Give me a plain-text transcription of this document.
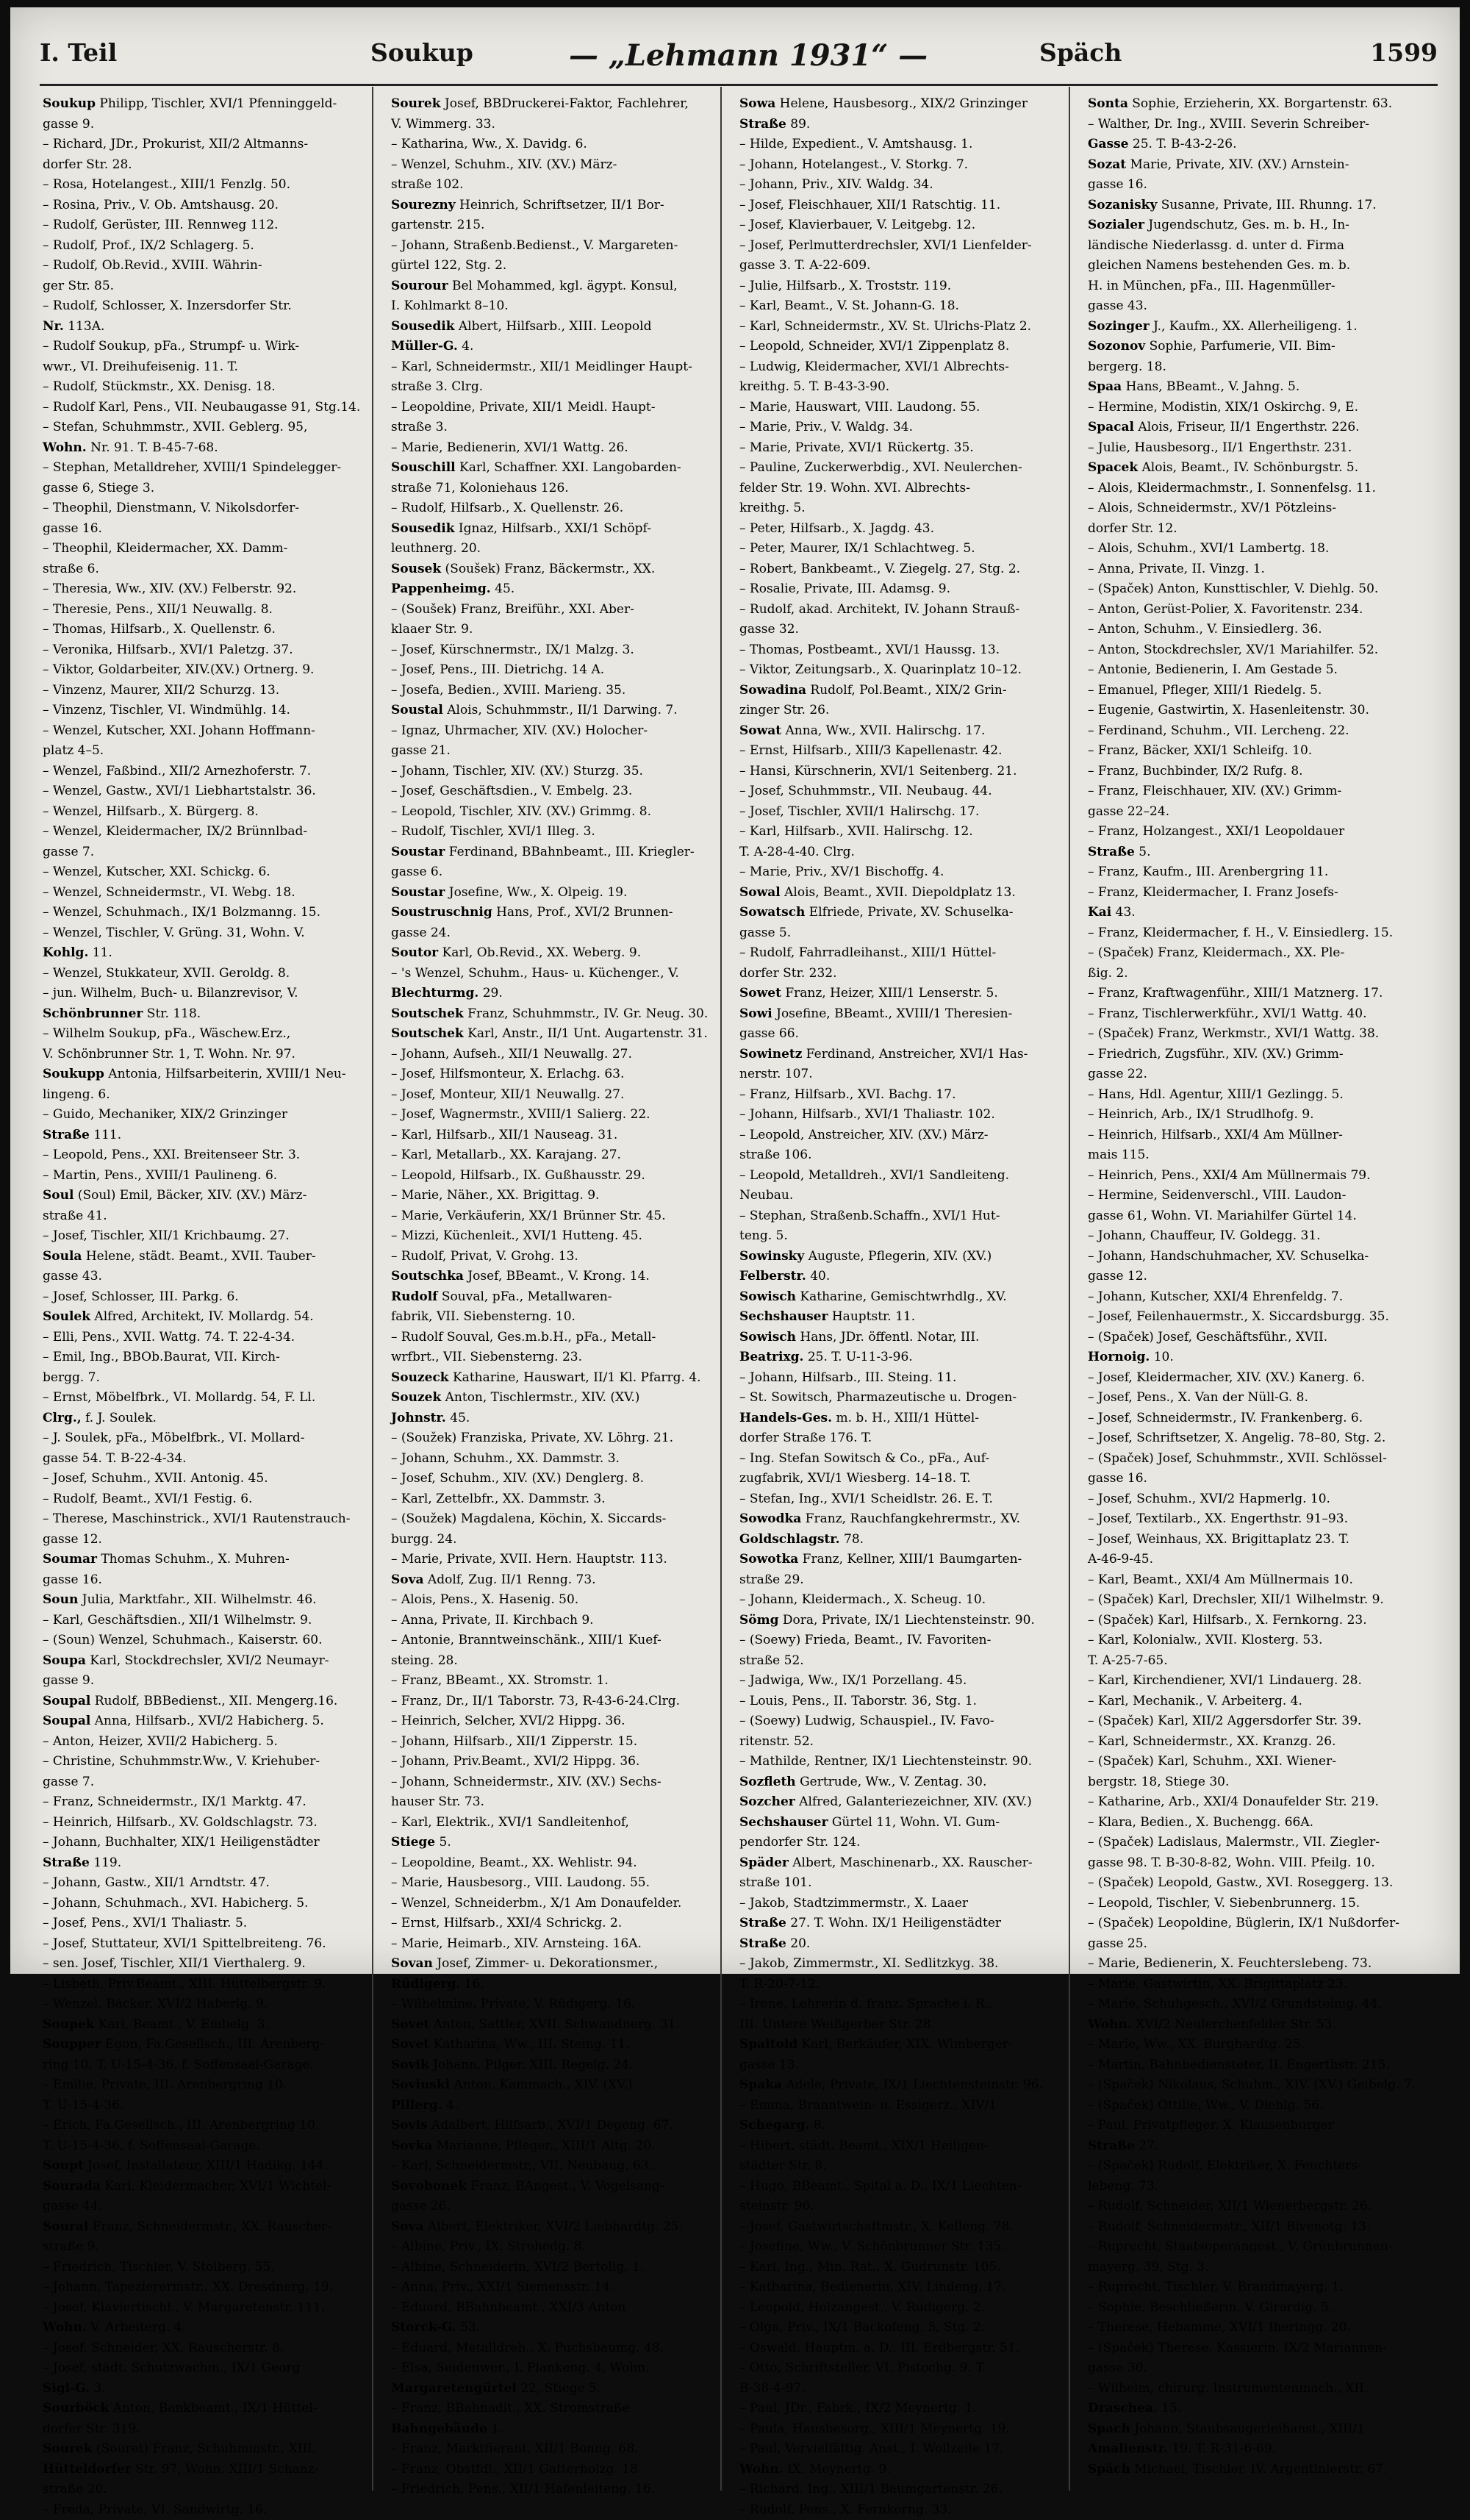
I. Teil	Soukup	— „Lehmann 1931“ —	Späch	1599
Soukup Philipp, Tischler, XVI/1 Pfenninggeld-
gasse 9.
– Richard, JDr., Prokurist, XII/2 Altmanns-
dorfer Str. 28.
– Rosa, Hotelangest., XIII/1 Fenzlg. 50.
– Rosina, Priv., V. Ob. Amtshausg. 20.
– Rudolf, Gerüster, III. Rennweg 112.
– Rudolf, Prof., IX/2 Schlagerg. 5.
– Rudolf, Ob.Revid., XVIII. Währin-
ger Str. 85.
– Rudolf, Schlosser, X. Inzersdorfer Str.
Nr. 113A.
– Rudolf Soukup, pFa., Strumpf- u. Wirk-
wwr., VI. Dreihufeisenig. 11. T.
– Rudolf, Stückmstr., XX. Denisg. 18.
– Rudolf Karl, Pens., VII. Neubaugasse 91, Stg.14.
– Stefan, Schuhmmstr., XVII. Geblerg. 95,
Wohn. Nr. 91. T. B-45-7-68.
– Stephan, Metalldreher, XVIII/1 Spindelegger-
gasse 6, Stiege 3.
– Theophil, Dienstmann, V. Nikolsdorfer-
gasse 16.
– Theophil, Kleidermacher, XX. Damm-
straße 6.
– Theresia, Ww., XIV. (XV.) Felberstr. 92.
– Theresie, Pens., XII/1 Neuwallg. 8.
– Thomas, Hilfsarb., X. Quellenstr. 6.
– Veronika, Hilfsarb., XVI/1 Paletzg. 37.
– Viktor, Goldarbeiter, XIV.(XV.) Ortnerg. 9.
– Vinzenz, Maurer, XII/2 Schurzg. 13.
– Vinzenz, Tischler, VI. Windmühlg. 14.
– Wenzel, Kutscher, XXI. Johann Hoffmann-
platz 4–5.
– Wenzel, Faßbind., XII/2 Arnezhoferstr. 7.
– Wenzel, Gastw., XVI/1 Liebhartstalstr. 36.
– Wenzel, Hilfsarb., X. Bürgerg. 8.
– Wenzel, Kleidermacher, IX/2 Brünnlbad-
gasse 7.
– Wenzel, Kutscher, XXI. Schickg. 6.
– Wenzel, Schneidermstr., VI. Webg. 18.
– Wenzel, Schuhmach., IX/1 Bolzmanng. 15.
– Wenzel, Tischler, V. Grüng. 31, Wohn. V.
Kohlg. 11.
– Wenzel, Stukkateur, XVII. Geroldg. 8.
– jun. Wilhelm, Buch- u. Bilanzrevisor, V.
Schönbrunner Str. 118.
– Wilhelm Soukup, pFa., Wäschew.Erz.,
V. Schönbrunner Str. 1, T. Wohn. Nr. 97.
Soukupp Antonia, Hilfsarbeiterin, XVIII/1 Neu-
lingeng. 6.
– Guido, Mechaniker, XIX/2 Grinzinger
Straße 111.
– Leopold, Pens., XXI. Breitenseer Str. 3.
– Martin, Pens., XVIII/1 Paulineng. 6.
Soul (Soul) Emil, Bäcker, XIV. (XV.) März-
straße 41.
– Josef, Tischler, XII/1 Krichbaumg. 27.
Soula Helene, städt. Beamt., XVII. Tauber-
gasse 43.
– Josef, Schlosser, III. Parkg. 6.
Soulek Alfred, Architekt, IV. Mollardg. 54.
– Elli, Pens., XVII. Wattg. 74. T. 22-4-34.
– Emil, Ing., BBOb.Baurat, VII. Kirch-
bergg. 7.
– Ernst, Möbelfbrk., VI. Mollardg. 54, F. Ll.
Clrg., f. J. Soulek.
– J. Soulek, pFa., Möbelfbrk., VI. Mollard-
gasse 54. T. B-22-4-34.
– Josef, Schuhm., XVII. Antonig. 45.
– Rudolf, Beamt., XVI/1 Festig. 6.
– Therese, Maschinstrick., XVI/1 Rautenstrauch-
gasse 12.
Soumar Thomas Schuhm., X. Muhren-
gasse 16.
Soun Julia, Marktfahr., XII. Wilhelmstr. 46.
– Karl, Geschäftsdien., XII/1 Wilhelmstr. 9.
– (Soun) Wenzel, Schuhmach., Kaiserstr. 60.
Soupa Karl, Stockdrechsler, XVI/2 Neumayr-
gasse 9.
Soupal Rudolf, BBBedienst., XII. Mengerg.16.
Soupal Anna, Hilfsarb., XVI/2 Habicherg. 5.
– Anton, Heizer, XVII/2 Habicherg. 5.
– Christine, Schuhmmstr.Ww., V. Kriehuber-
gasse 7.
– Franz, Schneidermstr., IX/1 Marktg. 47.
– Heinrich, Hilfsarb., XV. Goldschlagstr. 73.
– Johann, Buchhalter, XIX/1 Heiligenstädter
Straße 119.
– Johann, Gastw., XII/1 Arndtstr. 47.
– Johann, Schuhmach., XVI. Habicherg. 5.
– Josef, Pens., XVI/1 Thaliastr. 5.
– Josef, Stuttateur, XVI/1 Spittelbreiteng. 76.
– sen. Josef, Tischler, XII/1 Vierthalerg. 9.
– Lisbeth, Priv.Beamt., XIII. Hüttelbergstr. 9.
– Wenzel, Bäcker, XVI/2 Haberlg. 9.
Soupek Karl, Beamt., V. Embelg. 3.
Soupper Egon, Fa.Gesellsch., III. Arenberg-
ring 10, T. U-15-4-36, f. Soffensaal-Garage.
– Emilie, Private, III. Arenbergring 10.
T. U-15-4-36.
– Erich, Fa.Gesellsch., III. Arenbergring 10.
T. U-15-4-36, f. Soffensaal-Garage.
Soupt Josef, Installateur, XIII/1 Hadikg. 144.
Sourada Karl, Kleidermacher, XVI/1 Wichtel-
gasse 44.
Soural Franz, Schneidermstr., XX. Rauscher-
straße 9.
– Friedrich, Tischler, V. Stolberg. 55.
– Johann, Tapezierermstr., XX. Dresdnerg. 19.
– Josef, Klaviertischl., V. Margaretenstr. 111,
Wohn. V. Arbeiterg. 4.
– Josef, Schneider, XX. Rauscherstr. 8.
– Josef, städt. Schutzwachm., IX/1 Georg
Sigl-G. 3.
Sourböck Anton, Bankbeamt., IX/1 Hüttel-
dorfer Str. 319.
Sourek (Souret) Franz, Schuhmmstr., XIII.
Hütteldorfer Str. 97, Wohn. XIII/1 Schanz-
straße 20.
– Freda, Private, VI. Sandwirtg. 16.
Sourek Josef, BBDruckerei-Faktor, Fachlehrer,
V. Wimmerg. 33.
– Katharina, Ww., X. Davidg. 6.
– Wenzel, Schuhm., XIV. (XV.) März-
straße 102.
Sourezny Heinrich, Schriftsetzer, II/1 Bor-
gartenstr. 215.
– Johann, Straßenb.Bedienst., V. Margareten-
gürtel 122, Stg. 2.
Sourour Bel Mohammed, kgl. ägypt. Konsul,
I. Kohlmarkt 8–10.
Sousedik Albert, Hilfsarb., XIII. Leopold
Müller-G. 4.
– Karl, Schneidermstr., XII/1 Meidlinger Haupt-
straße 3. Clrg.
– Leopoldine, Private, XII/1 Meidl. Haupt-
straße 3.
– Marie, Bedienerin, XVI/1 Wattg. 26.
Souschill Karl, Schaffner. XXI. Langobarden-
straße 71, Koloniehaus 126.
– Rudolf, Hilfsarb., X. Quellenstr. 26.
Sousedik Ignaz, Hilfsarb., XXI/1 Schöpf-
leuthnerg. 20.
Sousek (Soušek) Franz, Bäckermstr., XX.
Pappenheimg. 45.
– (Soušek) Franz, Breiführ., XXI. Aber-
klaaer Str. 9.
– Josef, Kürschnermstr., IX/1 Malzg. 3.
– Josef, Pens., III. Dietrichg. 14 A.
– Josefa, Bedien., XVIII. Marieng. 35.
Soustal Alois, Schuhmmstr., II/1 Darwing. 7.
– Ignaz, Uhrmacher, XIV. (XV.) Holocher-
gasse 21.
– Johann, Tischler, XIV. (XV.) Sturzg. 35.
– Josef, Geschäftsdien., V. Embelg. 23.
– Leopold, Tischler, XIV. (XV.) Grimmg. 8.
– Rudolf, Tischler, XVI/1 Illeg. 3.
Soustar Ferdinand, BBahnbeamt., III. Kriegler-
gasse 6.
Soustar Josefine, Ww., X. Olpeig. 19.
Soustruschnig Hans, Prof., XVI/2 Brunnen-
gasse 24.
Soutor Karl, Ob.Revid., XX. Weberg. 9.
– 's Wenzel, Schuhm., Haus- u. Küchenger., V.
Blechturmg. 29.
Soutschek Franz, Schuhmmstr., IV. Gr. Neug. 30.
Soutschek Karl, Anstr., II/1 Unt. Augartenstr. 31.
– Johann, Aufseh., XII/1 Neuwallg. 27.
– Josef, Hilfsmonteur, X. Erlachg. 63.
– Josef, Monteur, XII/1 Neuwallg. 27.
– Josef, Wagnermstr., XVIII/1 Salierg. 22.
– Karl, Hilfsarb., XII/1 Nauseag. 31.
– Karl, Metallarb., XX. Karajang. 27.
– Leopold, Hilfsarb., IX. Gußhausstr. 29.
– Marie, Näher., XX. Brigittag. 9.
– Marie, Verkäuferin, XX/1 Brünner Str. 45.
– Mizzi, Küchenleit., XVI/1 Hutteng. 45.
– Rudolf, Privat, V. Grohg. 13.
Soutschka Josef, BBeamt., V. Krong. 14.
Rudolf Souval, pFa., Metallwaren-
fabrik, VII. Siebensterng. 10.
– Rudolf Souval, Ges.m.b.H., pFa., Metall-
wrfbrt., VII. Siebensterng. 23.
Souzeck Katharine, Hauswart, II/1 Kl. Pfarrg. 4.
Souzek Anton, Tischlermstr., XIV. (XV.)
Johnstr. 45.
– (Soužek) Franziska, Private, XV. Löhrg. 21.
– Johann, Schuhm., XX. Dammstr. 3.
– Josef, Schuhm., XIV. (XV.) Denglerg. 8.
– Karl, Zettelbfr., XX. Dammstr. 3.
– (Soužek) Magdalena, Köchin, X. Siccards-
burgg. 24.
– Marie, Private, XVII. Hern. Hauptstr. 113.
Sova Adolf, Zug. II/1 Renng. 73.
– Alois, Pens., X. Hasenig. 50.
– Anna, Private, II. Kirchbach 9.
– Antonie, Branntweinschänk., XIII/1 Kuef-
steing. 28.
– Franz, BBeamt., XX. Stromstr. 1.
– Franz, Dr., II/1 Taborstr. 73, R-43-6-24.Clrg.
– Heinrich, Selcher, XVI/2 Hippg. 36.
– Johann, Hilfsarb., XII/1 Zipperstr. 15.
– Johann, Priv.Beamt., XVI/2 Hippg. 36.
– Johann, Schneidermstr., XIV. (XV.) Sechs-
hauser Str. 73.
– Karl, Elektrik., XVI/1 Sandleitenhof,
Stiege 5.
– Leopoldine, Beamt., XX. Wehlistr. 94.
– Marie, Hausbesorg., VIII. Laudong. 55.
– Wenzel, Schneiderbm., X/1 Am Donaufelder.
– Ernst, Hilfsarb., XXI/4 Schrickg. 2.
– Marie, Heimarb., XIV. Arnsteing. 16A.
Sovan Josef, Zimmer- u. Dekorationsmer.,
Rüdigerg. 16.
– Wilhelmine, Private, V. Rüdigerg. 16.
Sovet Anton, Sattler, XVII. Schwandnerg. 31.
Sovet Katharina, Ww., III. Steing. 11.
Sovik Johann, Pilger. XIII. Regelg. 24.
Soviuski Anton, Kammach., XIV. (XV.)
Pillerg. 4.
Sovis Adalbert, Hilfsarb., XVI/1 Degeng. 67.
Sovka Marianne, Pfleger., XIII/1 Altg. 20.
– Karl, Schneidermstr., VII. Neubaug. 63.
Sovobonek Franz, BAngest., V. Vogelsang-
gasse 26.
Sova Albert, Elektriker, XVI/2 Liebhardtg. 25.
– Albine, Priv., IX. Strohedg. 8.
– Albine, Schneiderin, XVI/2 Bertolig. 1.
– Anna, Priv., XXI/1 Siemensstr. 14.
– Eduard, BBahnbeamt., XXI/3 Anton
Storck-G. 53.
– Eduard, Metalldreh., X. Puchsbaumg. 48.
– Elsa, Seidenwer., I. Plankeng. 4, Wohn.
Margaretengürtel 22, Stiege 5.
– Franz, BBahnadit., XX. Stromstraße
Bahngebäude 1.
– Franz, Marktfierant, XII/1 Bonng. 68.
– Franz, Obstfdl., XII/1 Gatterholzg. 18.
– Friedrich, Pens., XII/1 Hafenleiteng. 16.
Sowa Helene, Hausbesorg., XIX/2 Grinzinger
Straße 89.
– Hilde, Expedient., V. Amtshausg. 1.
– Johann, Hotelangest., V. Storkg. 7.
– Johann, Priv., XIV. Waldg. 34.
– Josef, Fleischhauer, XII/1 Ratschtig. 11.
– Josef, Klavierbauer, V. Leitgebg. 12.
– Josef, Perlmutterdrechsler, XVI/1 Lienfelder-
gasse 3. T. A-22-609.
– Julie, Hilfsarb., X. Troststr. 119.
– Karl, Beamt., V. St. Johann-G. 18.
– Karl, Schneidermstr., XV. St. Ulrichs-Platz 2.
– Leopold, Schneider, XVI/1 Zippenplatz 8.
– Ludwig, Kleidermacher, XVI/1 Albrechts-
kreithg. 5. T. B-43-3-90.
– Marie, Hauswart, VIII. Laudong. 55.
– Marie, Priv., V. Waldg. 34.
– Marie, Private, XVI/1 Rückertg. 35.
– Pauline, Zuckerwerbdig., XVI. Neulerchen-
felder Str. 19. Wohn. XVI. Albrechts-
kreithg. 5.
– Peter, Hilfsarb., X. Jagdg. 43.
– Peter, Maurer, IX/1 Schlachtweg. 5.
– Robert, Bankbeamt., V. Ziegelg. 27, Stg. 2.
– Rosalie, Private, III. Adamsg. 9.
– Rudolf, akad. Architekt, IV. Johann Strauß-
gasse 32.
– Thomas, Postbeamt., XVI/1 Haussg. 13.
– Viktor, Zeitungsarb., X. Quarinplatz 10–12.
Sowadina Rudolf, Pol.Beamt., XIX/2 Grin-
zinger Str. 26.
Sowat Anna, Ww., XVII. Halirschg. 17.
– Ernst, Hilfsarb., XIII/3 Kapellenastr. 42.
– Hansi, Kürschnerin, XVI/1 Seitenberg. 21.
– Josef, Schuhmmstr., VII. Neubaug. 44.
– Josef, Tischler, XVII/1 Halirschg. 17.
– Karl, Hilfsarb., XVII. Halirschg. 12.
T. A-28-4-40. Clrg.
– Marie, Priv., XV/1 Bischoffg. 4.
Sowal Alois, Beamt., XVII. Diepoldplatz 13.
Sowatsch Elfriede, Private, XV. Schuselka-
gasse 5.
– Rudolf, Fahrradleihanst., XIII/1 Hüttel-
dorfer Str. 232.
Sowet Franz, Heizer, XIII/1 Lenserstr. 5.
Sowi Josefine, BBeamt., XVIII/1 Theresien-
gasse 66.
Sowinetz Ferdinand, Anstreicher, XVI/1 Has-
nerstr. 107.
– Franz, Hilfsarb., XVI. Bachg. 17.
– Johann, Hilfsarb., XVI/1 Thaliastr. 102.
– Leopold, Anstreicher, XIV. (XV.) März-
straße 106.
– Leopold, Metalldreh., XVI/1 Sandleiteng.
Neubau.
– Stephan, Straßenb.Schaffn., XVI/1 Hut-
teng. 5.
Sowinsky Auguste, Pflegerin, XIV. (XV.)
Felberstr. 40.
Sowisch Katharine, Gemischtwrhdlg., XV.
Sechshauser Hauptstr. 11.
Sowisch Hans, JDr. öffentl. Notar, III.
Beatrixg. 25. T. U-11-3-96.
– Johann, Hilfsarb., III. Steing. 11.
– St. Sowitsch, Pharmazeutische u. Drogen-
Handels-Ges. m. b. H., XIII/1 Hüttel-
dorfer Straße 176. T.
– Ing. Stefan Sowitsch & Co., pFa., Auf-
zugfabrik, XVI/1 Wiesberg. 14–18. T.
– Stefan, Ing., XVI/1 Scheidlstr. 26. E. T.
Sowodka Franz, Rauchfangkehrermstr., XV.
Goldschlagstr. 78.
Sowotka Franz, Kellner, XIII/1 Baumgarten-
straße 29.
– Johann, Kleidermach., X. Scheug. 10.
Sömg Dora, Private, IX/1 Liechtensteinstr. 90.
– (Soewy) Frieda, Beamt., IV. Favoriten-
straße 52.
– Jadwiga, Ww., IX/1 Porzellang. 45.
– Louis, Pens., II. Taborstr. 36, Stg. 1.
– (Soewy) Ludwig, Schauspiel., IV. Favo-
ritenstr. 52.
– Mathilde, Rentner, IX/1 Liechtensteinstr. 90.
Sozfleth Gertrude, Ww., V. Zentag. 30.
Sozcher Alfred, Galanteriezeichner, XIV. (XV.)
Sechshauser Gürtel 11, Wohn. VI. Gum-
pendorfer Str. 124.
Späder Albert, Maschinenarb., XX. Rauscher-
straße 101.
– Jakob, Stadtzimmermstr., X. Laaer
Straße 27. T. Wohn. IX/1 Heiligenstädter
Straße 20.
– Jakob, Zimmermstr., XI. Sedlitzkyg. 38.
T. R-20-7-12.
– Irene, Lehrerin d. franz. Sprache i. R.,
III. Untere Weißgerber Str. 28.
Spaitold Karl, Berkäufer, XIX. Wimberger-
gasse 13.
Spaka Adele, Private, IX/1 Liechtensteinstr. 96.
– Emma, Branntwein- u. Essigerz., XIV/1
Schegarg. 8.
– Hibert, städt. Beamt., XIX/1 Heiligen-
städter Str. 8.
– Hugo, BBeamt., Spital a. D., IX/1 Liechten-
steinstr. 96.
– Josef, Gastwirtschaftmstr., X. Kelleng. 78.
– Josefine, Ww., V. Schönbrunner Str. 135.
– Karl, Ing., Min. Rat., X. Gudrunstr. 105.
– Katharina, Bedienerin, XIV. Lindeng. 17.
– Leopold, Holzangest., V. Rüdigerg. 2.
– Olga, Priv., IX/1 Backofeng. 5, Stg. 2.
– Oswald, Hauptm. a. D., III. Erdbergstr. 51.
– Otto, Schriftsteller, VI. Pistochg. 9. T.
B-38-4-97.
– Paul, JDr., Fabrk., IX/2 Meynertg. 1.
– Paula, Hausbesorg., XIII/1 Meynertg. 19.
– Paul, Vervielfältig. Anst., I. Wollzeile 17,
Wohn. IX. Meynertg. 9.
– Richard, Ing., XIII/1 Baumgartenstr. 26.
– Rudolf, Pens., X. Fernkorng. 33.
Sonta Sophie, Erzieherin, XX. Borgartenstr. 63.
– Walther, Dr. Ing., XVIII. Severin Schreiber-
Gasse 25. T. B-43-2-26.
Sozat Marie, Private, XIV. (XV.) Arnstein-
gasse 16.
Sozanisky Susanne, Private, III. Rhunng. 17.
Sozialer Jugendschutz, Ges. m. b. H., In-
ländische Niederlassg. d. unter d. Firma
gleichen Namens bestehenden Ges. m. b.
H. in München, pFa., III. Hagenmüller-
gasse 43.
Sozinger J., Kaufm., XX. Allerheiligeng. 1.
Sozonov Sophie, Parfumerie, VII. Bim-
bergerg. 18.
Spaa Hans, BBeamt., V. Jahng. 5.
– Hermine, Modistin, XIX/1 Oskirchg. 9, E.
Spacal Alois, Friseur, II/1 Engerthstr. 226.
– Julie, Hausbesorg., II/1 Engerthstr. 231.
Spacek Alois, Beamt., IV. Schönburgstr. 5.
– Alois, Kleidermachmstr., I. Sonnenfelsg. 11.
– Alois, Schneidermstr., XV/1 Pötzleins-
dorfer Str. 12.
– Alois, Schuhm., XVI/1 Lambertg. 18.
– Anna, Private, II. Vinzg. 1.
– (Spaček) Anton, Kunsttischler, V. Diehlg. 50.
– Anton, Gerüst-Polier, X. Favoritenstr. 234.
– Anton, Schuhm., V. Einsiedlerg. 36.
– Anton, Stockdrechsler, XV/1 Mariahilfer. 52.
– Antonie, Bedienerin, I. Am Gestade 5.
– Emanuel, Pfleger, XIII/1 Riedelg. 5.
– Eugenie, Gastwirtin, X. Hasenleitenstr. 30.
– Ferdinand, Schuhm., VII. Lercheng. 22.
– Franz, Bäcker, XXI/1 Schleifg. 10.
– Franz, Buchbinder, IX/2 Rufg. 8.
– Franz, Fleischhauer, XIV. (XV.) Grimm-
gasse 22–24.
– Franz, Holzangest., XXI/1 Leopoldauer
Straße 5.
– Franz, Kaufm., III. Arenbergring 11.
– Franz, Kleidermacher, I. Franz Josefs-
Kai 43.
– Franz, Kleidermacher, f. H., V. Einsiedlerg. 15.
– (Spaček) Franz, Kleidermach., XX. Ple-
ßig. 2.
– Franz, Kraftwagenführ., XIII/1 Matznerg. 17.
– Franz, Tischlerwerkführ., XVI/1 Wattg. 40.
– (Spaček) Franz, Werkmstr., XVI/1 Wattg. 38.
– Friedrich, Zugsführ., XIV. (XV.) Grimm-
gasse 22.
– Hans, Hdl. Agentur, XIII/1 Gezlingg. 5.
– Heinrich, Arb., IX/1 Strudlhofg. 9.
– Heinrich, Hilfsarb., XXI/4 Am Müllner-
mais 115.
– Heinrich, Pens., XXI/4 Am Müllnermais 79.
– Hermine, Seidenverschl., VIII. Laudon-
gasse 61, Wohn. VI. Mariahilfer Gürtel 14.
– Johann, Chauffeur, IV. Goldegg. 31.
– Johann, Handschuhmacher, XV. Schuselka-
gasse 12.
– Johann, Kutscher, XXI/4 Ehrenfeldg. 7.
– Josef, Feilenhauermstr., X. Siccardsburgg. 35.
– (Spaček) Josef, Geschäftsführ., XVII.
Hornoig. 10.
– Josef, Kleidermacher, XIV. (XV.) Kanerg. 6.
– Josef, Pens., X. Van der Nüll-G. 8.
– Josef, Schneidermstr., IV. Frankenberg. 6.
– Josef, Schriftsetzer, X. Angelig. 78–80, Stg. 2.
– (Spaček) Josef, Schuhmmstr., XVII. Schlössel-
gasse 16.
– Josef, Schuhm., XVI/2 Hapmerlg. 10.
– Josef, Textilarb., XX. Engerthstr. 91–93.
– Josef, Weinhaus, XX. Brigittaplatz 23. T.
A-46-9-45.
– Karl, Beamt., XXI/4 Am Müllnermais 10.
– (Spaček) Karl, Drechsler, XII/1 Wilhelmstr. 9.
– (Spaček) Karl, Hilfsarb., X. Fernkorng. 23.
– Karl, Kolonialw., XVII. Klosterg. 53.
T. A-25-7-65.
– Karl, Kirchendiener, XVI/1 Lindauerg. 28.
– Karl, Mechanik., V. Arbeiterg. 4.
– (Spaček) Karl, XII/2 Aggersdorfer Str. 39.
– Karl, Schneidermstr., XX. Kranzg. 26.
– (Spaček) Karl, Schuhm., XXI. Wiener-
bergstr. 18, Stiege 30.
– Katharine, Arb., XXI/4 Donaufelder Str. 219.
– Klara, Bedien., X. Buchengg. 66A.
– (Spaček) Ladislaus, Malermstr., VII. Ziegler-
gasse 98. T. B-30-8-82, Wohn. VIII. Pfeilg. 10.
– (Spaček) Leopold, Gastw., XVI. Roseggerg. 13.
– Leopold, Tischler, V. Siebenbrunnerg. 15.
– (Spaček) Leopoldine, Büglerin, IX/1 Nußdorfer-
gasse 25.
– Marie, Bedienerin, X. Feuchterslebeng. 73.
– Marie, Gastwirtin, XX. Brigittaplatz 23.
– Marie, Schuhgesch., XVI/2 Grundsteinig. 44,
Wohn. XVI/2 Neulerchenfelder Str. 53.
– Marie, Ww., XX. Burghardtg. 25.
– Martin, Bahnbediensteter, II. Engerthstr. 215.
– (Spaček) Nikolaus, Schuhm., XIV. (XV.) Geibelg. 7.
– (Spaček) Ottilie, Ww., V. Diehlg. 56.
– Paul, Privatpfleger, X. Klausenburger
Straße 27.
– (Spaček) Rudolf, Elektriker, X. Feuchters-
lebeng. 73.
– Rudolf, Schneider, XII/1 Wienerbergstr. 26.
– Rudolf, Schneidermstr., XII/1 Bivenotg. 13.
– Ruprecht, Staatsoperangest., V. Grünbrunnen-
mayerg. 39, Stg. 3.
– Ruprecht, Tischler, V. Brandmayerg. 1.
– Sophie, Beschließerin, V. Girardig. 5.
– Therese, Hebamme, XVI/1 Iheringg. 20.
– (Spaček) Therese, Kassierin, IX/2 Mariannen-
gasse 30.
– Wilhelm, chirurg. Instrumentenmach., XII.
Draschea. 15.
Spach Johann, Staubsaugerleihanst., XIII/1
Amalienstr. 19. T. R-31-6-69.
Späch Michael, Tischler, IV. Argentinierstr. 67.
